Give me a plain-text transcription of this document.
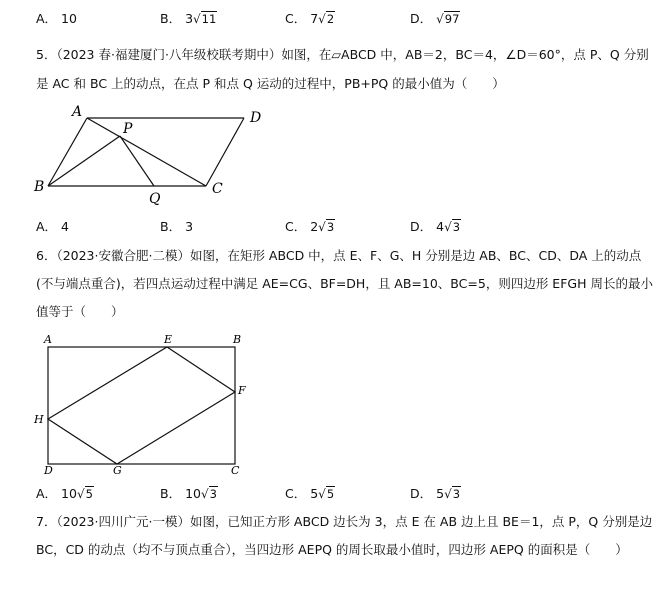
A． 10	B． 3√11	C． 7√2	D． √97
5．（2023 春·福建厦门·八年级校联考期中）如图，在▱ABCD 中，AB＝2，BC＝4，∠D＝60°，点 P、Q 分别
是 AC 和 BC 上的动点，在点 P 和点 Q 运动的过程中，PB+PQ 的最小值为（　　）
A
P
D
B
Q
C
A． 4	B． 3	C． 2√3	D． 4√3
6．（2023·安徽合肥·二模）如图，在矩形 ABCD 中，点 E、F、G、H 分别是边 AB、BC、CD、DA 上的动点
(不与端点重合)，若四点运动过程中满足 AE=CG、BF=DH，且 AB=10、BC=5，则四边形 EFGH 周长的最小
值等于（　　）
A	E	B
F
H
D	G	C
A． 10√5	B． 10√3	C． 5√5	D． 5√3
7．（2023·四川广元·一模）如图，已知正方形 ABCD 边长为 3，点 E 在 AB 边上且 BE＝1，点 P，Q 分别是边
BC，CD 的动点（均不与顶点重合），当四边形 AEPQ 的周长取最小值时，四边形 AEPQ 的面积是（　　）
